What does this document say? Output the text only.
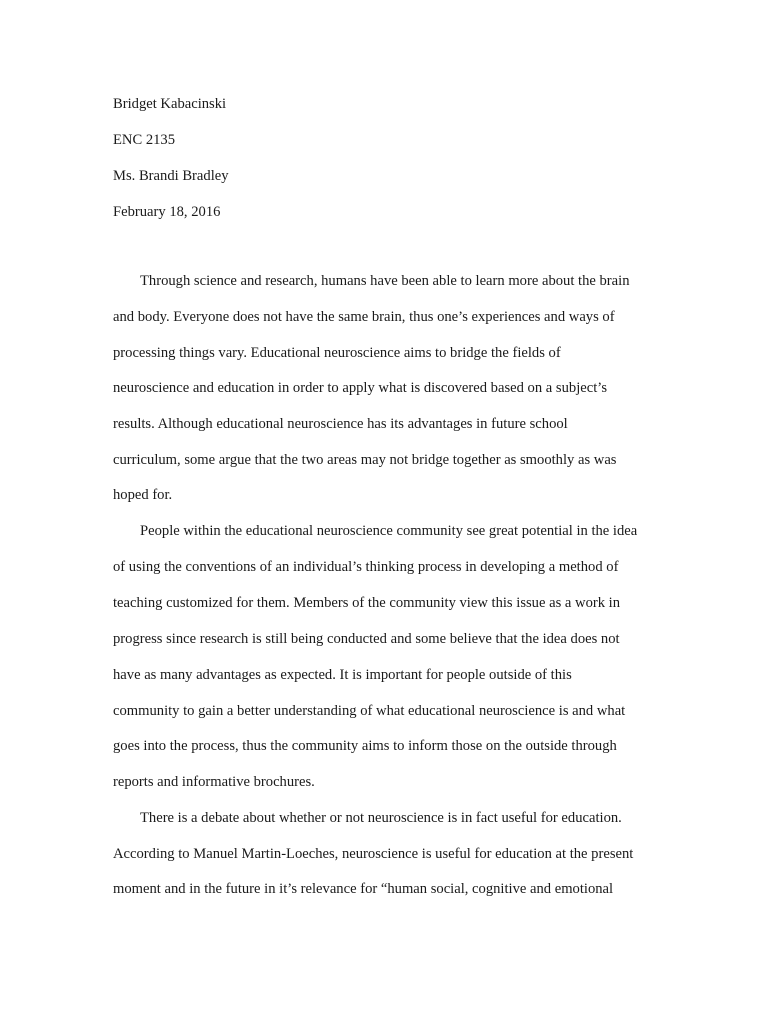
Bridget Kabacinski
ENC 2135
Ms. Brandi Bradley
February 18, 2016
Through science and research, humans have been able to learn more about the brain
and body. Everyone does not have the same brain, thus one’s experiences and ways of
processing things vary. Educational neuroscience aims to bridge the fields of
neuroscience and education in order to apply what is discovered based on a subject’s
results. Although educational neuroscience has its advantages in future school
curriculum, some argue that the two areas may not bridge together as smoothly as was
hoped for.
People within the educational neuroscience community see great potential in the idea
of using the conventions of an individual’s thinking process in developing a method of
teaching customized for them. Members of the community view this issue as a work in
progress since research is still being conducted and some believe that the idea does not
have as many advantages as expected. It is important for people outside of this
community to gain a better understanding of what educational neuroscience is and what
goes into the process, thus the community aims to inform those on the outside through
reports and informative brochures.
There is a debate about whether or not neuroscience is in fact useful for education.
According to Manuel Martin-Loeches, neuroscience is useful for education at the present
moment and in the future in it’s relevance for “human social, cognitive and emotional
